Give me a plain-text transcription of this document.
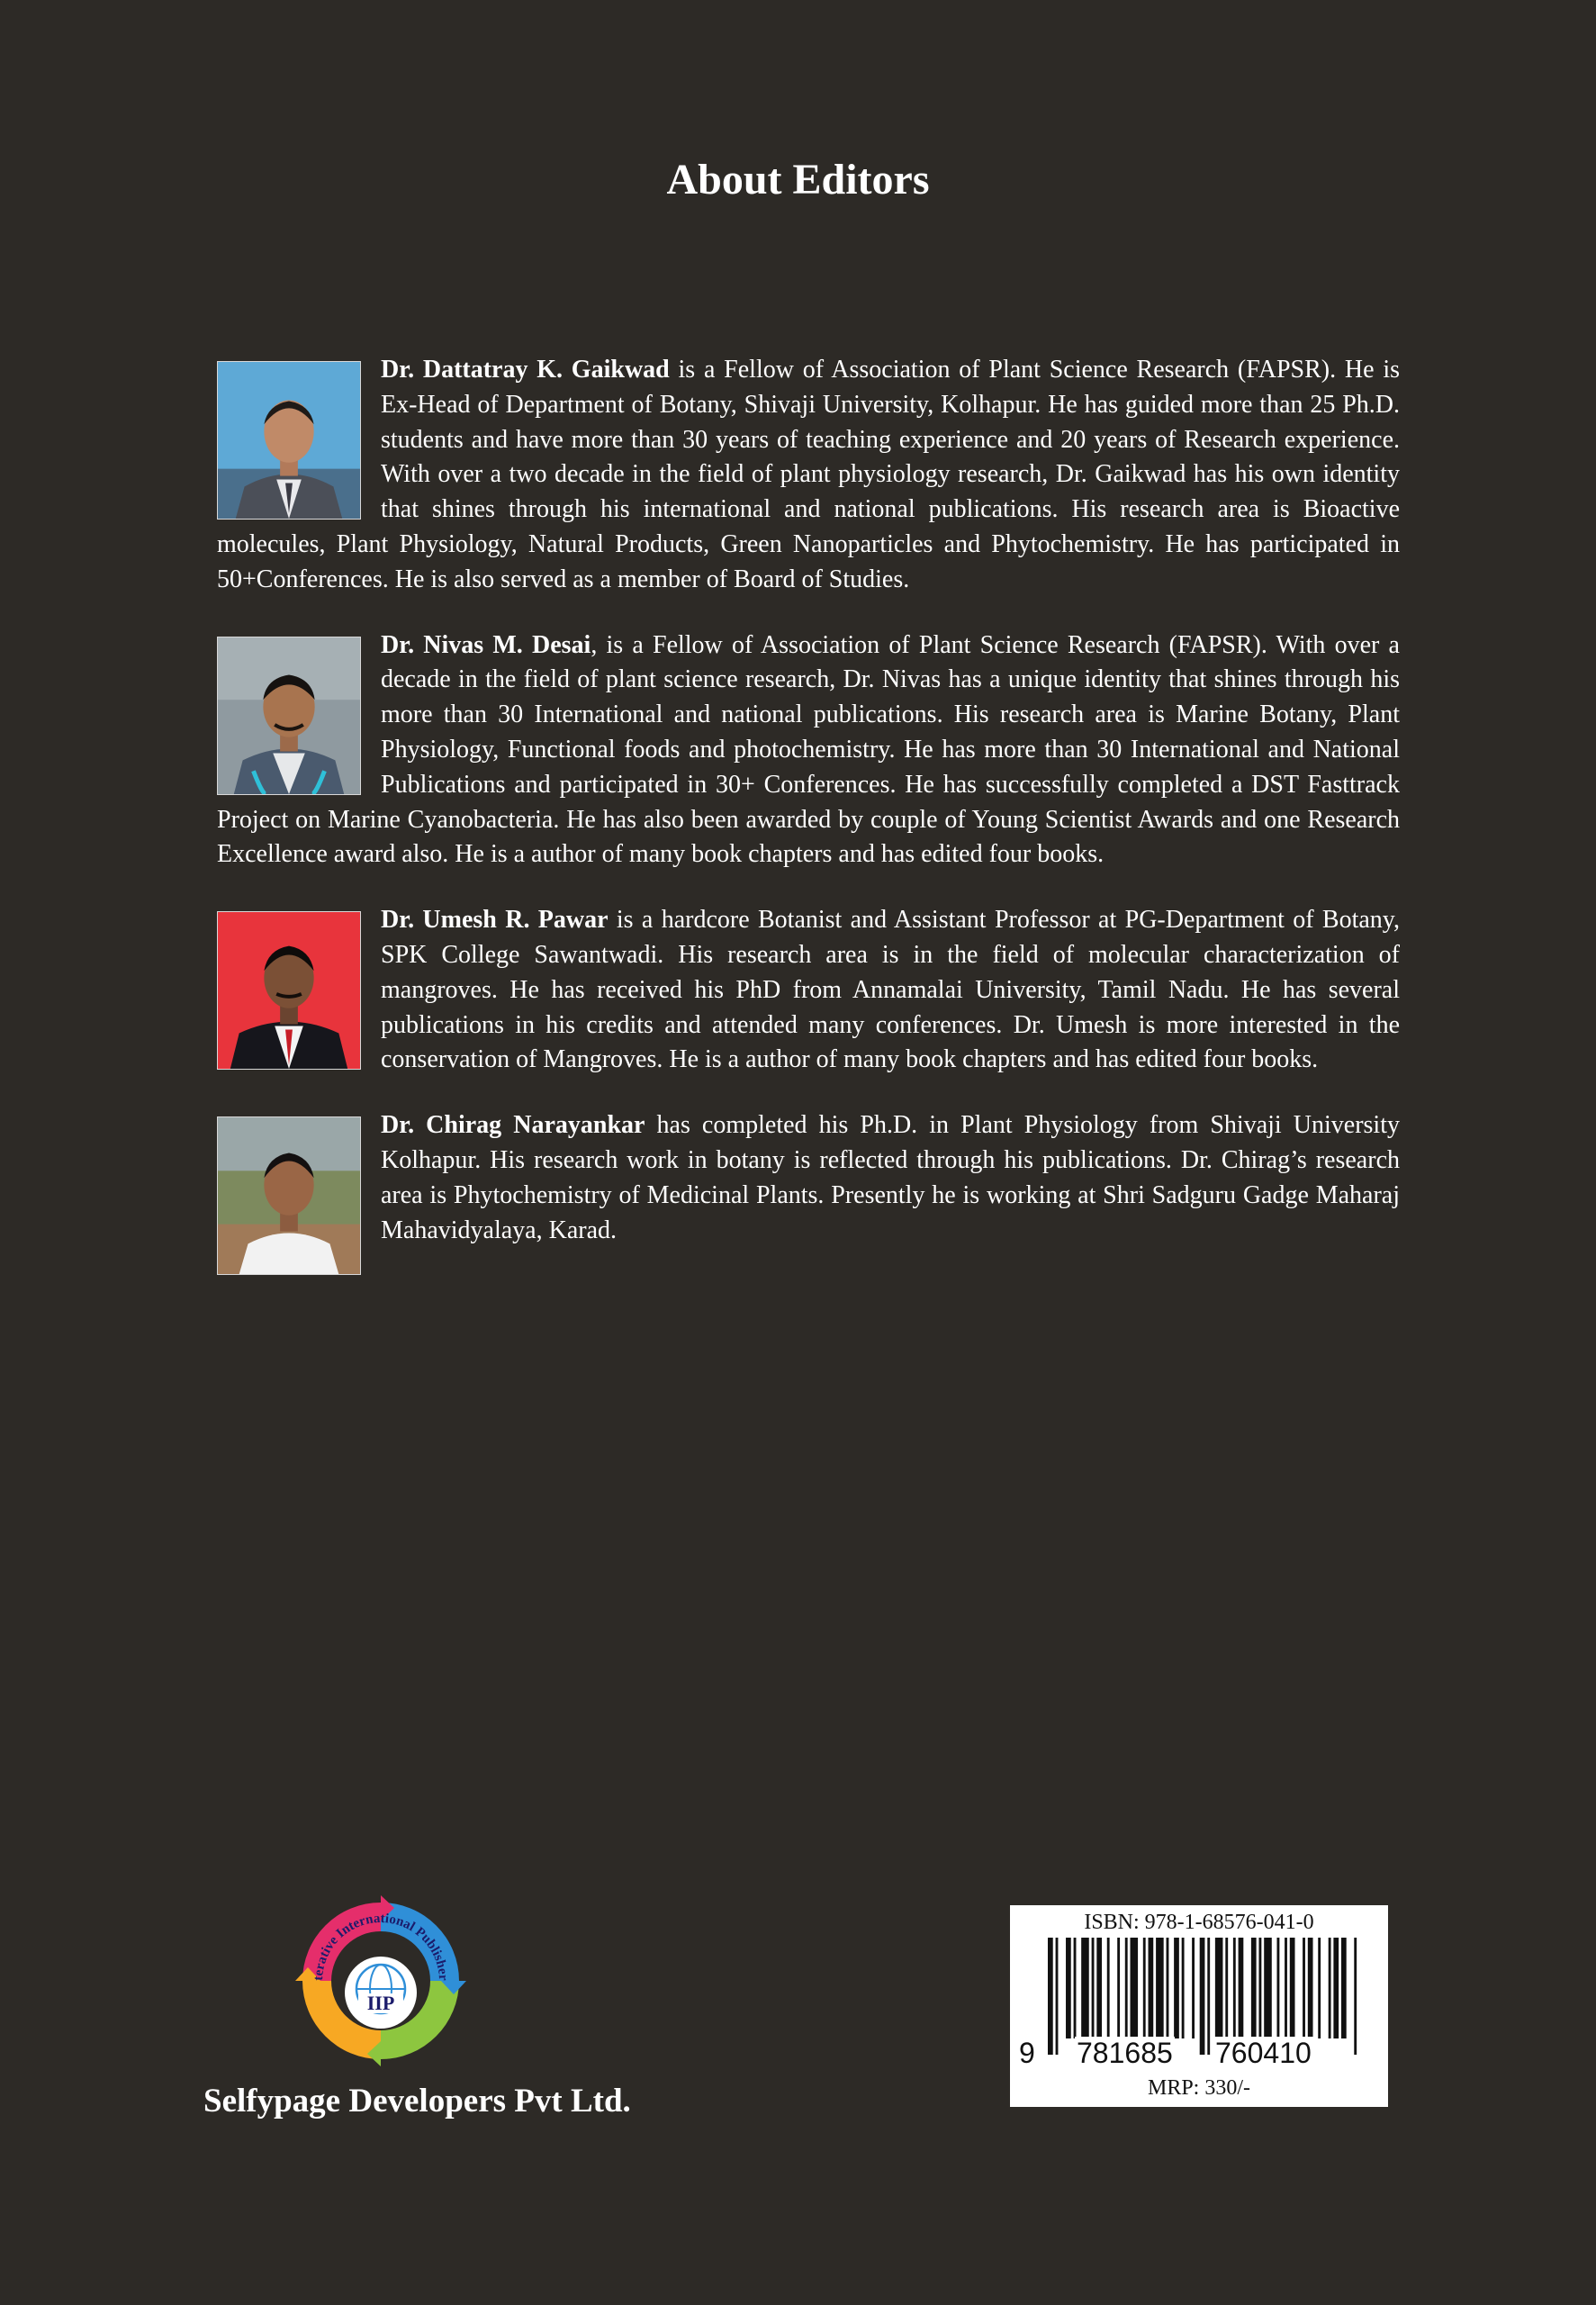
About Editors

Dr. Dattatray K. Gaikwad is a Fellow of Association of Plant Science Research (FAPSR). He is Ex-Head of Department of Botany, Shivaji University, Kolhapur. He has guided more than 25 Ph.D. students and have more than 30 years of teaching experience and 20 years of Research experience. With over a two decade in the field of plant physiology research, Dr. Gaikwad has his own identity that shines through his international and national publications. His research area is Bioactive molecules, Plant Physiology, Natural Products, Green Nanoparticles and Phytochemistry. He has participated in 50+Conferences. He is also served as a member of Board of Studies.

Dr. Nivas M. Desai, is a Fellow of Association of Plant Science Research (FAPSR). With over a decade in the field of plant science research, Dr. Nivas has a unique identity that shines through his more than 30 International and national publications. His research area is Marine Botany, Plant Physiology, Functional foods and photochemistry. He has more than 30 International and National Publications and participated in 30+ Conferences. He has successfully completed a DST Fasttrack Project on Marine Cyanobacteria. He has also been awarded by couple of Young Scientist Awards and one Research Excellence award also. He is a author of many book chapters and has edited four books.

Dr. Umesh R. Pawar is a hardcore Botanist and Assistant Professor at PG-Department of Botany, SPK College Sawantwadi. His research area is in the field of molecular characterization of mangroves. He has received his PhD from Annamalai University, Tamil Nadu. He has several publications in his credits and attended many conferences. Dr. Umesh is more interested in the conservation of Mangroves. He is a author of many book chapters and has edited four books.

Dr. Chirag Narayankar has completed his Ph.D. in Plant Physiology from Shivaji University Kolhapur. His research work in botany is reflected through his publications. Dr. Chirag’s research area is Phytochemistry of Medicinal Plants. Presently he is working at Shri Sadguru Gadge Maharaj Mahavidyalaya, Karad.

terative International Publisher
IIP

Selfypage Developers Pvt Ltd.

ISBN: 978-1-68576-041-0

9 781685 760410

MRP: 330/-
